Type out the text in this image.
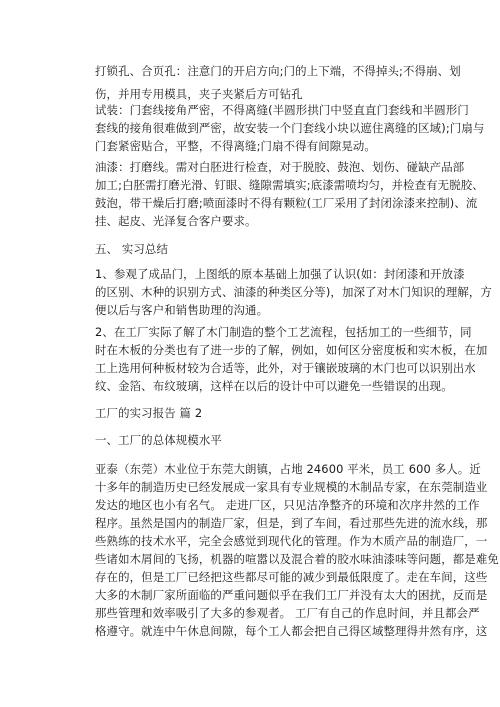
打锁孔、合页孔：注意门的开启方向;门的上下端，不得掉头;不得崩、划
伤，并用专用模具，夹子夹紧后方可钻孔
试装：门套线接角严密，不得离缝(半圆形拱门中竖直直门套线和半圆形门
套线的接角很难做到严密，故安装一个门套线小块以遮住离缝的区域);门扇与
门套紧密贴合，平整，不得离缝;门扇不得有间隙晃动。
油漆：打磨线。需对白胚进行检查，对于脱胶、鼓泡、划伤、碰缺产品部
加工;白胚需打磨光滑、钉眼、缝隙需填实;底漆需喷均匀，并检查有无脱胶、
鼓泡，带干燥后打磨;喷面漆时不得有颗粒(工厂采用了封闭涂漆来控制)、流
挂、起皮、光泽复合客户要求。
五、 实习总结
1、参观了成品门，上图纸的原本基础上加强了认识(如：封闭漆和开放漆
的区别、木种的识别方式、油漆的种类区分等)，加深了对木门知识的理解，方
便以后与客户和销售助理的沟通。
2、在工厂实际了解了木门制造的整个工艺流程，包括加工的一些细节，同
时在木板的分类也有了进一步的了解，例如，如何区分密度板和实木板，在加
工上选用何种板材较为合适等，此外，对于镶嵌玻璃的木门也可以识别出水
纹、金箔、布纹玻璃，这样在以后的设计中可以避免一些错误的出现。
工厂的实习报告 篇 2
一、工厂的总体规模水平
亚泰（东莞）木业位于东莞大朗镇，占地 24600 平米，员工 600 多人。近
十多年的制造历史已经发展成一家具有专业规模的木制品专家，在东莞制造业
发达的地区也小有名气。 走进厂区，只见洁净整齐的环境和次序井然的工作
程序。虽然是国内的制造厂家，但是，到了车间，看过那些先进的流水线，那
些熟练的技术水平，完全会感觉到现代化的管理。作为木质产品的制造厂，一
些诸如木屑间的飞扬，机器的喧嚣以及混合着的胶水味油漆味等问题，都是难免
存在的，但是工厂已经把这些都尽可能的减少到最低限度了。走在车间，这些
大多的木制厂家所面临的严重问题似乎在我们工厂并没有太大的困扰，反而是
那些管理和效率吸引了大多的参观者。 工厂有自己的作息时间，并且都会严
格遵守。就连中午休息间隙，每个工人都会把自己得区域整理得井然有序，这
